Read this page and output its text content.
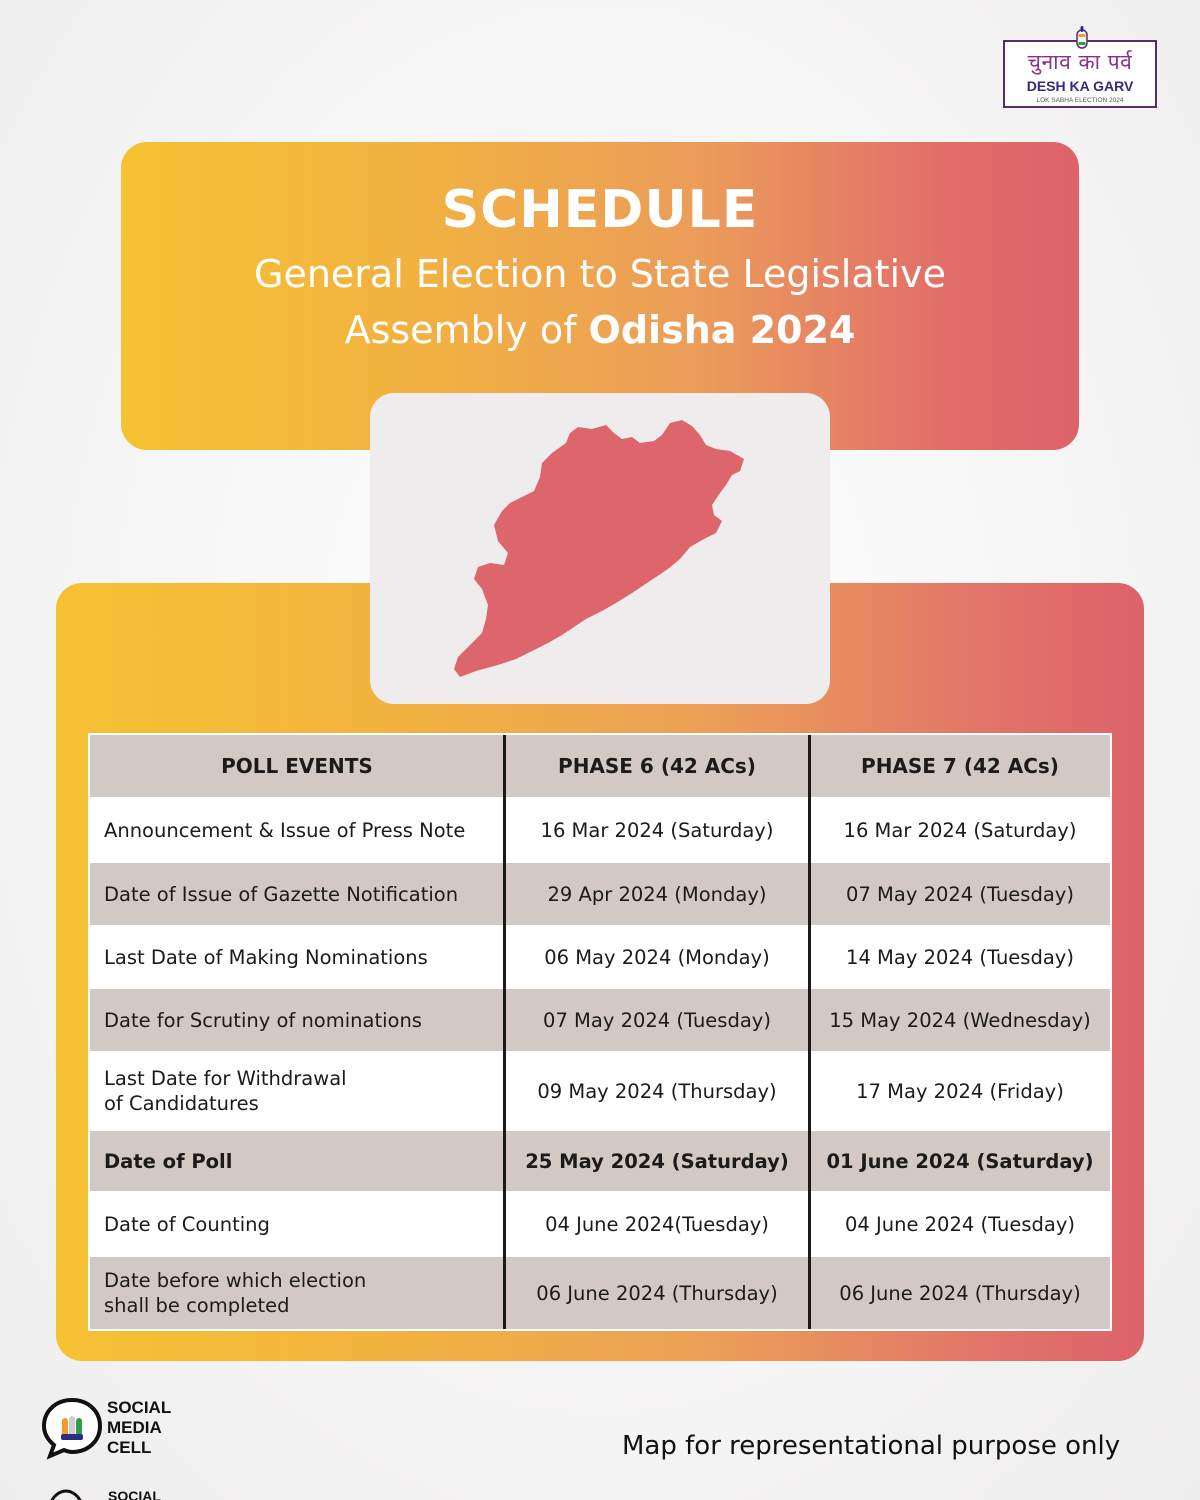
चुनाव का पर्व
DESH KA GARV
LOK SABHA ELECTION 2024
SCHEDULE
General Election to State Legislative
Assembly of Odisha 2024
POLL EVENTS	PHASE 6 (42 ACs)	PHASE 7 (42 ACs)
Announcement & Issue of Press Note	16 Mar 2024 (Saturday)	16 Mar 2024 (Saturday)
Date of Issue of Gazette Notification	29 Apr 2024 (Monday)	07 May 2024 (Tuesday)
Last Date of Making Nominations	06 May 2024 (Monday)	14 May 2024 (Tuesday)
Date for Scrutiny of nominations	07 May 2024 (Tuesday)	15 May 2024 (Wednesday)
Last Date for Withdrawal
of Candidatures
09 May 2024 (Thursday)	17 May 2024 (Friday)
Date of Poll	25 May 2024 (Saturday)	01 June 2024 (Saturday)
Date of Counting	04 June 2024(Tuesday)	04 June 2024 (Tuesday)
Date before which election
shall be completed
06 June 2024 (Thursday)	06 June 2024 (Thursday)
SOCIAL
MEDIA
CELL
SOCIAL
Map for representational purpose only
